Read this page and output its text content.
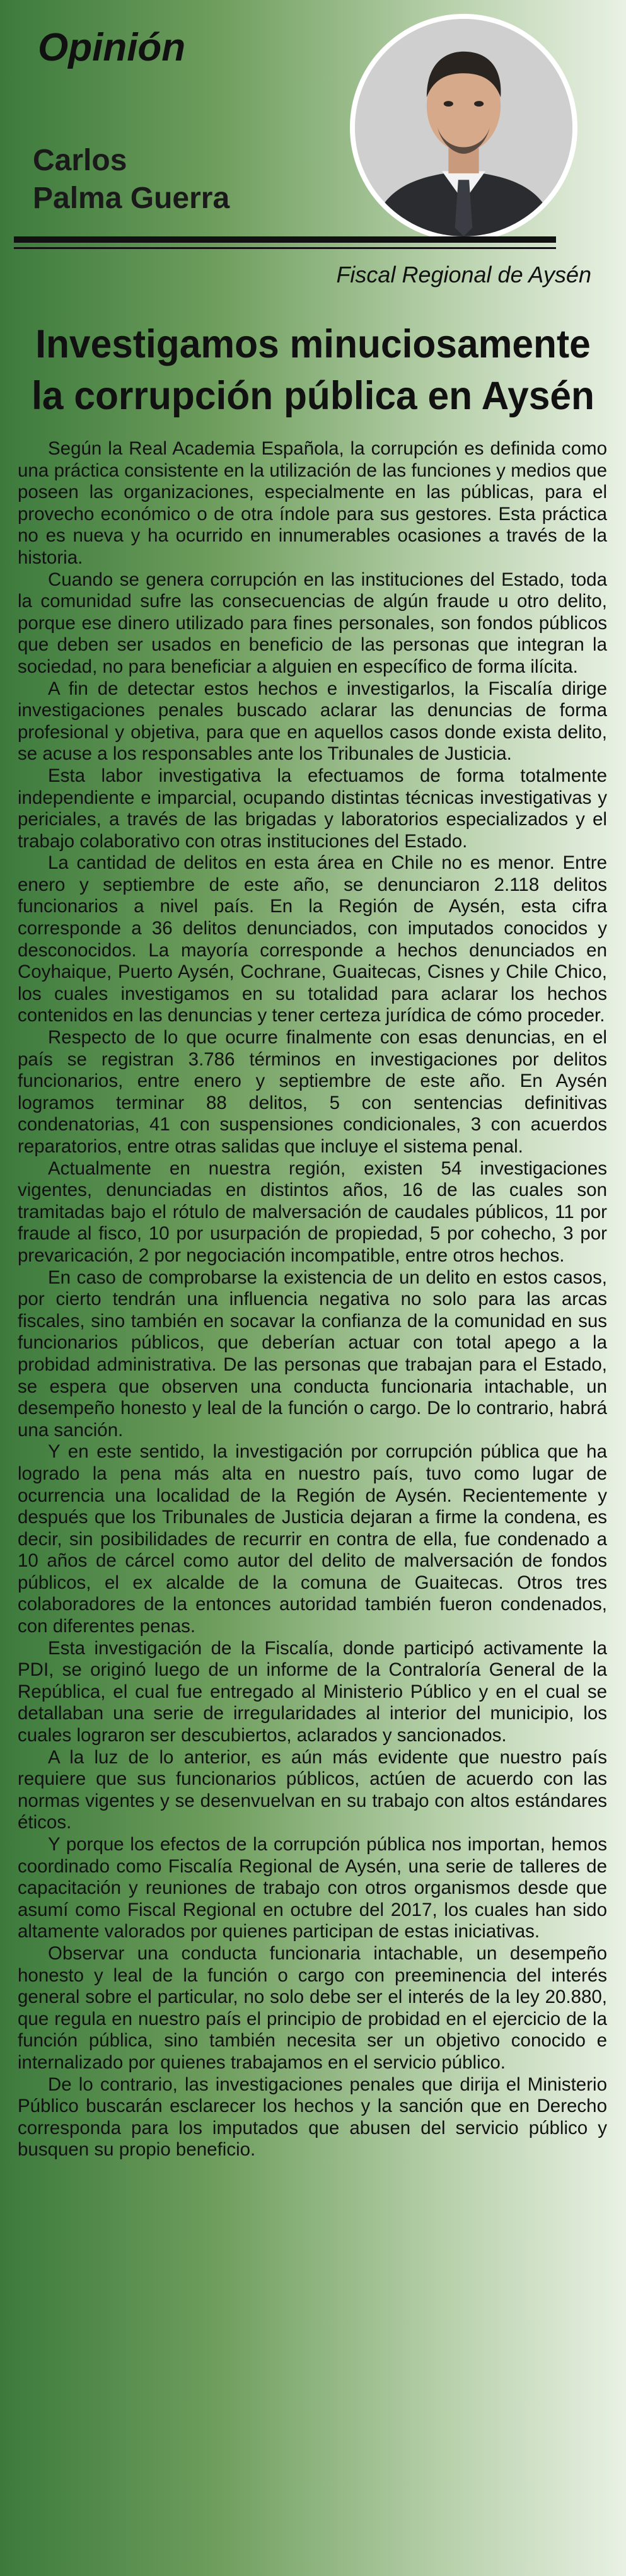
Opinión
Carlos
Palma Guerra
Fiscal Regional de Aysén
Investigamos minuciosamente
la corrupción pública en Aysén

Según la Real Academia Española, la corrupción es definida como una práctica consistente en la utilización de las funciones y medios que poseen las organizaciones, especialmente en las públicas, para el provecho económico o de otra índole para sus gestores. Esta práctica no es nueva y ha ocurrido en innumerables ocasiones a través de la historia.

Cuando se genera corrupción en las instituciones del Estado, toda la comunidad sufre las consecuencias de algún fraude u otro delito, porque ese dinero utilizado para fines personales, son fondos públicos que deben ser usados en beneficio de las personas que integran la sociedad, no para beneficiar a alguien en específico de forma ilícita.

A fin de detectar estos hechos e investigarlos, la Fiscalía dirige investigaciones penales buscado aclarar las denuncias de forma profesional y objetiva, para que en aquellos casos donde exista delito, se acuse a los responsables ante los Tribunales de Justicia.

Esta labor investigativa la efectuamos de forma totalmente independiente e imparcial, ocupando distintas técnicas investigativas y periciales, a través de las brigadas y laboratorios especializados y el trabajo colaborativo con otras instituciones del Estado.

La cantidad de delitos en esta área en Chile no es menor. Entre enero y septiembre de este año, se denunciaron 2.118 delitos funcionarios a nivel país. En la Región de Aysén, esta cifra corresponde a 36 delitos denunciados, con imputados conocidos y desconocidos. La mayoría corresponde a hechos denunciados en Coyhaique, Puerto Aysén, Cochrane, Guaitecas, Cisnes y Chile Chico, los cuales investigamos en su totalidad para aclarar los hechos contenidos en las denuncias y tener certeza jurídica de cómo proceder.

Respecto de lo que ocurre finalmente con esas denuncias, en el país se registran 3.786 términos en investigaciones por delitos funcionarios, entre enero y septiembre de este año. En Aysén logramos terminar 88 delitos, 5 con sentencias definitivas condenatorias, 41 con suspensiones condicionales, 3 con acuerdos reparatorios, entre otras salidas que incluye el sistema penal.

Actualmente en nuestra región, existen 54 investigaciones vigentes, denunciadas en distintos años, 16 de las cuales son tramitadas bajo el rótulo de malversación de caudales públicos, 11 por fraude al fisco, 10 por usurpación de propiedad, 5 por cohecho, 3 por prevaricación, 2 por negociación incompatible, entre otros hechos.

En caso de comprobarse la existencia de un delito en estos casos, por cierto tendrán una influencia negativa no solo para las arcas fiscales, sino también en socavar la confianza de la comunidad en sus funcionarios públicos, que deberían actuar con total apego a la probidad administrativa. De las personas que trabajan para el Estado, se espera que observen una conducta funcionaria intachable, un desempeño honesto y leal de la función o cargo. De lo contrario, habrá una sanción.

Y en este sentido, la investigación por corrupción pública que ha logrado la pena más alta en nuestro país, tuvo como lugar de ocurrencia una localidad de la Región de Aysén. Recientemente y después que los Tribunales de Justicia dejaran a firme la condena, es decir, sin posibilidades de recurrir en contra de ella, fue condenado a 10 años de cárcel como autor del delito de malversación de fondos públicos, el ex alcalde de la comuna de Guaitecas. Otros tres colaboradores de la entonces autoridad también fueron condenados, con diferentes penas.

Esta investigación de la Fiscalía, donde participó activamente la PDI, se originó luego de un informe de la Contraloría General de la República, el cual fue entregado al Ministerio Público y en el cual se detallaban una serie de irregularidades al interior del municipio, los cuales lograron ser descubiertos, aclarados y sancionados.

A la luz de lo anterior, es aún más evidente que nuestro país requiere que sus funcionarios públicos, actúen de acuerdo con las normas vigentes y se desenvuelvan en su trabajo con altos estándares éticos.

Y porque los efectos de la corrupción pública nos importan, hemos coordinado como Fiscalía Regional de Aysén, una serie de talleres de capacitación y reuniones de trabajo con otros organismos desde que asumí como Fiscal Regional en octubre del 2017, los cuales han sido altamente valorados por quienes participan de estas iniciativas.

Observar una conducta funcionaria intachable, un desempeño honesto y leal de la función o cargo con preeminencia del interés general sobre el particular, no solo debe ser el interés de la ley 20.880, que regula en nuestro país el principio de probidad en el ejercicio de la función pública, sino también necesita ser un objetivo conocido e internalizado por quienes trabajamos en el servicio público.

De lo contrario, las investigaciones penales que dirija el Ministerio Público buscarán esclarecer los hechos y la sanción que en Derecho corresponda para los imputados que abusen del servicio público y busquen su propio beneficio.
